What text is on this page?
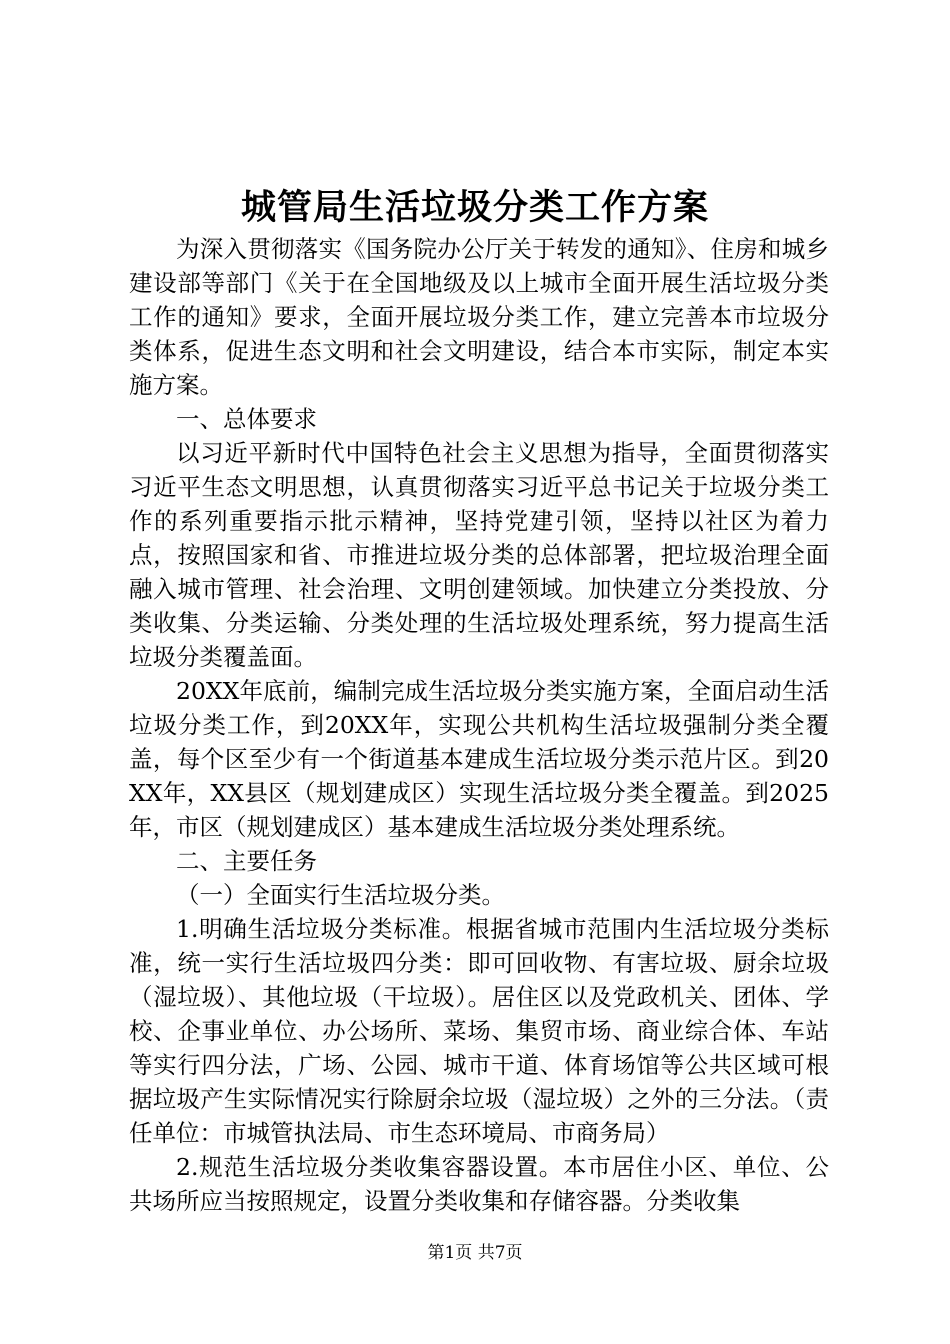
城管局生活垃圾分类工作方案

为深入贯彻落实《国务院办公厅关于转发的通知》、住房和城乡建设部等部门《关于在全国地级及以上城市全面开展生活垃圾分类工作的通知》要求，全面开展垃圾分类工作，建立完善本市垃圾分类体系，促进生态文明和社会文明建设，结合本市实际，制定本实施方案。

一、总体要求

以习近平新时代中国特色社会主义思想为指导，全面贯彻落实习近平生态文明思想，认真贯彻落实习近平总书记关于垃圾分类工作的系列重要指示批示精神，坚持党建引领，坚持以社区为着力点，按照国家和省、市推进垃圾分类的总体部署，把垃圾治理全面融入城市管理、社会治理、文明创建领域。加快建立分类投放、分类收集、分类运输、分类处理的生活垃圾处理系统，努力提高生活垃圾分类覆盖面。

20XX年底前，编制完成生活垃圾分类实施方案，全面启动生活垃圾分类工作，到20XX年，实现公共机构生活垃圾强制分类全覆盖，每个区至少有一个街道基本建成生活垃圾分类示范片区。到20XX年，XX县区（规划建成区）实现生活垃圾分类全覆盖。到2025年，市区（规划建成区）基本建成生活垃圾分类处理系统。

二、主要任务

（一）全面实行生活垃圾分类。

1.明确生活垃圾分类标准。根据省城市范围内生活垃圾分类标准，统一实行生活垃圾四分类：即可回收物、有害垃圾、厨余垃圾（湿垃圾）、其他垃圾（干垃圾）。居住区以及党政机关、团体、学校、企事业单位、办公场所、菜场、集贸市场、商业综合体、车站等实行四分法，广场、公园、城市干道、体育场馆等公共区域可根据垃圾产生实际情况实行除厨余垃圾（湿垃圾）之外的三分法。（责任单位：市城管执法局、市生态环境局、市商务局）

2.规范生活垃圾分类收集容器设置。本市居住小区、单位、公共场所应当按照规定，设置分类收集和存储容器。分类收集

第1页 共7页
